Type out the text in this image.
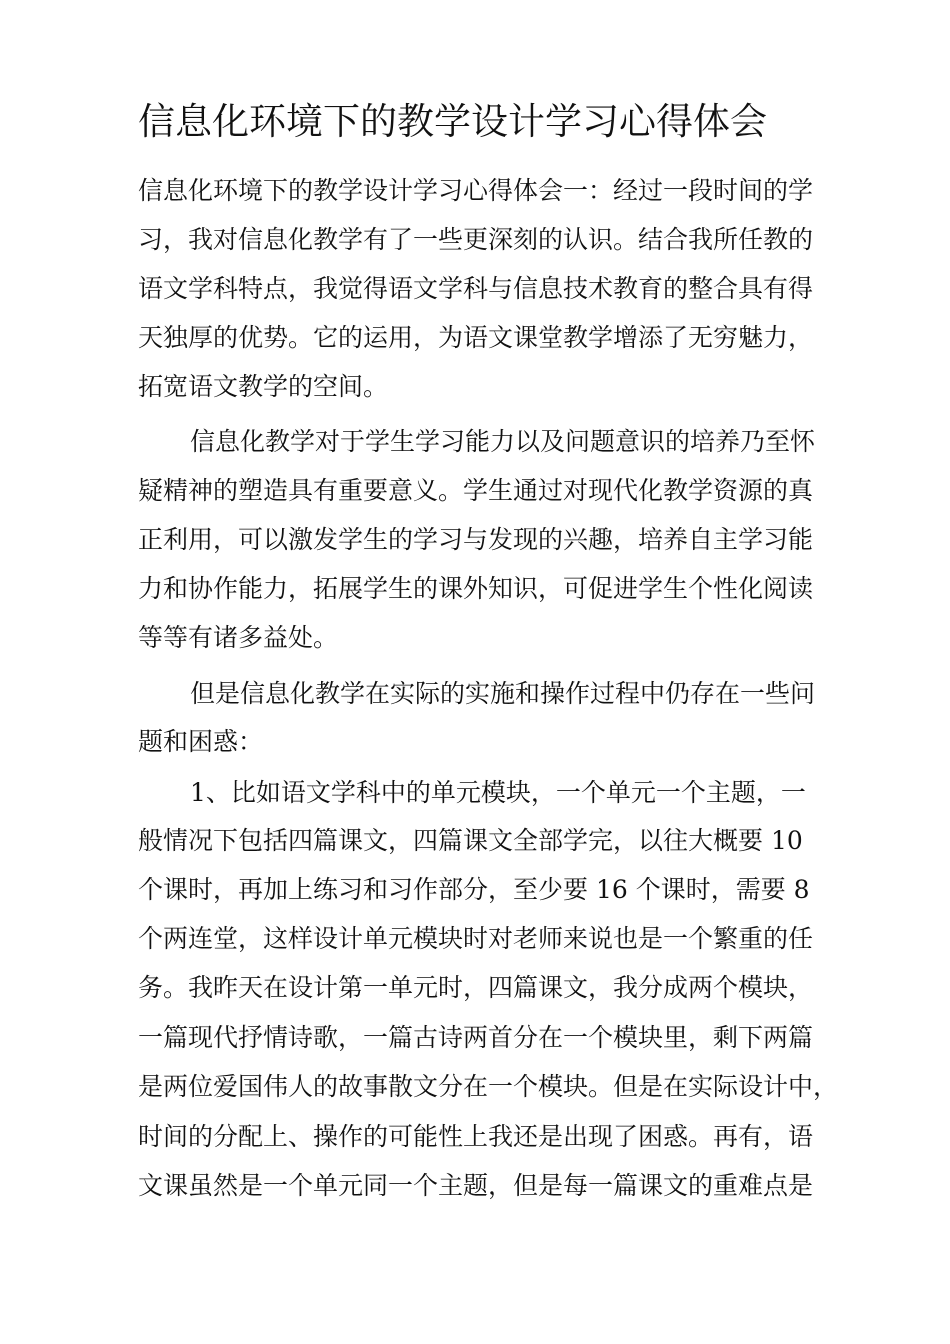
信息化环境下的教学设计学习心得体会

信息化环境下的教学设计学习心得体会一：经过一段时间的学

习，我对信息化教学有了一些更深刻的认识。结合我所任教的

语文学科特点，我觉得语文学科与信息技术教育的整合具有得

天独厚的优势。它的运用，为语文课堂教学增添了无穷魅力，

拓宽语文教学的空间。

信息化教学对于学生学习能力以及问题意识的培养乃至怀

疑精神的塑造具有重要意义。学生通过对现代化教学资源的真

正利用，可以激发学生的学习与发现的兴趣，培养自主学习能

力和协作能力，拓展学生的课外知识，可促进学生个性化阅读

等等有诸多益处。

但是信息化教学在实际的实施和操作过程中仍存在一些问

题和困惑：

1、比如语文学科中的单元模块，一个单元一个主题，一

般情况下包括四篇课文，四篇课文全部学完，以往大概要 10

个课时，再加上练习和习作部分，至少要 16 个课时，需要 8

个两连堂，这样设计单元模块时对老师来说也是一个繁重的任

务。我昨天在设计第一单元时，四篇课文，我分成两个模块，

一篇现代抒情诗歌，一篇古诗两首分在一个模块里，剩下两篇

是两位爱国伟人的故事散文分在一个模块。但是在实际设计中，

时间的分配上、操作的可能性上我还是出现了困惑。再有，语

文课虽然是一个单元同一个主题，但是每一篇课文的重难点是
